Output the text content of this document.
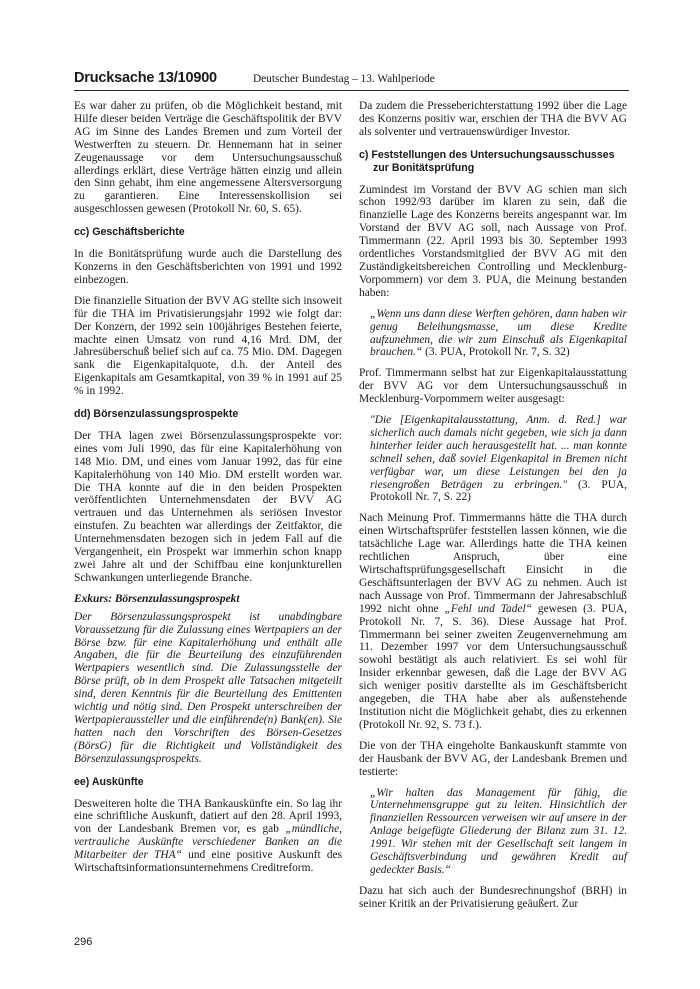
Drucksache 13/10900	Deutscher Bundestag – 13. Wahlperiode

Es war daher zu prüfen, ob die Möglichkeit bestand, mit Hilfe dieser beiden Verträge die Geschäftspolitik der BVV AG im Sinne des Landes Bremen und zum Vorteil der Westwerften zu steuern. Dr. Hennemann hat in seiner Zeugenaussage vor dem Untersuchungsausschuß allerdings erklärt, diese Verträge hätten einzig und allein den Sinn gehabt, ihm eine angemessene Altersversorgung zu garantieren. Eine Interessenskollision sei ausgeschlossen gewesen (Protokoll Nr. 60, S. 65).

cc) Geschäftsberichte

In die Bonitätsprüfung wurde auch die Darstellung des Konzerns in den Geschäftsberichten von 1991 und 1992 einbezogen.

Die finanzielle Situation der BVV AG stellte sich insoweit für die THA im Privatisierungsjahr 1992 wie folgt dar: Der Konzern, der 1992 sein 100jähriges Bestehen feierte, machte einen Umsatz von rund 4,16 Mrd. DM, der Jahresüberschuß belief sich auf ca. 75 Mio. DM. Dagegen sank die Eigenkapitalquote, d.h. der Anteil des Eigenkapitals am Gesamtkapital, von 39 % in 1991 auf 25 % in 1992.

dd) Börsenzulassungsprospekte

Der THA lagen zwei Börsenzulassungsprospekte vor: eines vom Juli 1990, das für eine Kapitalerhöhung von 148 Mio. DM, und eines vom Januar 1992, das für eine Kapitalerhöhung von 140 Mio. DM erstellt worden war. Die THA konnte auf die in den beiden Prospekten veröffentlichten Unternehmensdaten der BVV AG vertrauen und das Unternehmen als seriösen Investor einstufen. Zu beachten war allerdings der Zeitfaktor, die Unternehmensdaten bezogen sich in jedem Fall auf die Vergangenheit, ein Prospekt war immerhin schon knapp zwei Jahre alt und der Schiffbau eine konjunkturellen Schwankungen unterliegende Branche.

Exkurs: Börsenzulassungsprospekt

Der Börsenzulassungsprospekt ist unabdingbare Voraussetzung für die Zulassung eines Wertpapiers an der Börse bzw. für eine Kapitalerhöhung und enthält alle Angaben, die für die Beurteilung des einzuführenden Wertpapiers wesentlich sind. Die Zulassungsstelle der Börse prüft, ob in dem Prospekt alle Tatsachen mitgeteilt sind, deren Kenntnis für die Beurteilung des Emittenten wichtig und nötig sind. Den Prospekt unterschreiben der Wertpapieraussteller und die einführende(n) Bank(en). Sie hatten nach den Vorschriften des Börsen-Gesetzes (BörsG) für die Richtigkeit und Vollständigkeit des Börsenzulassungsprospekts.

ee) Auskünfte

Desweiteren holte die THA Bankauskünfte ein. So lag ihr eine schriftliche Auskunft, datiert auf den 28. April 1993, von der Landesbank Bremen vor, es gab „mündliche, vertrauliche Auskünfte verschiedener Banken an die Mitarbeiter der THA“ und eine positive Auskunft des Wirtschaftsinformationsunternehmens Creditreform.

Da zudem die Presseberichterstattung 1992 über die Lage des Konzerns positiv war, erschien der THA die BVV AG als solventer und vertrauenswürdiger Investor.

c) Feststellungen des Untersuchungsausschusses zur Bonitätsprüfung

Zumindest im Vorstand der BVV AG schien man sich schon 1992/93 darüber im klaren zu sein, daß die finanzielle Lage des Konzerns bereits angespannt war. Im Vorstand der BVV AG soll, nach Aussage von Prof. Timmermann (22. April 1993 bis 30. September 1993 ordentliches Vorstandsmitglied der BVV AG mit den Zuständigkeitsbereichen Controlling und Mecklenburg-Vorpommern) vor dem 3. PUA, die Meinung bestanden haben:

„Wenn uns dann diese Werften gehören, dann haben wir genug Beleihungsmasse, um diese Kredite aufzunehmen, die wir zum Einschuß als Eigenkapital brauchen.“ (3. PUA, Protokoll Nr. 7, S. 32)

Prof. Timmermann selbst hat zur Eigenkapitalausstattung der BVV AG vor dem Untersuchungsausschuß in Mecklenburg-Vorpommern weiter ausgesagt:

"Die [Eigenkapitalausstattung, Anm. d. Red.] war sicherlich auch damals nicht gegeben, wie sich ja dann hinterher leider auch herausgestellt hat. ... man konnte schnell sehen, daß soviel Eigenkapital in Bremen nicht verfügbar war, um diese Leistungen bei den ja riesengroßen Beträgen zu erbringen." (3. PUA, Protokoll Nr. 7, S. 22)

Nach Meinung Prof. Timmermanns hätte die THA durch einen Wirtschaftsprüfer feststellen lassen können, wie die tatsächliche Lage war. Allerdings hatte die THA keinen rechtlichen Anspruch, über eine Wirtschaftsprüfungsgesellschaft Einsicht in die Geschäftsunterlagen der BVV AG zu nehmen. Auch ist nach Aussage von Prof. Timmermann der Jahresabschluß 1992 nicht ohne „Fehl und Tadel“ gewesen (3. PUA, Protokoll Nr. 7, S. 36). Diese Aussage hat Prof. Timmermann bei seiner zweiten Zeugenvernehmung am 11. Dezember 1997 vor dem Untersuchungsausschuß sowohl bestätigt als auch relativiert. Es sei wohl für Insider erkennbar gewesen, daß die Lage der BVV AG sich weniger positiv darstellte als im Geschäftsbericht angegeben, die THA habe aber als außenstehende Institution nicht die Möglichkeit gehabt, dies zu erkennen (Protokoll Nr. 92, S. 73 f.).

Die von der THA eingeholte Bankauskunft stammte von der Hausbank der BVV AG, der Landesbank Bremen und testierte:

„Wir halten das Management für fähig, die Unternehmensgruppe gut zu leiten. Hinsichtlich der finanziellen Ressourcen verweisen wir auf unsere in der Anlage beigefügte Gliederung der Bilanz zum 31. 12. 1991. Wir stehen mit der Gesellschaft seit langem in Geschäftsverbindung und gewähren Kredit auf gedeckter Basis.“

Dazu hat sich auch der Bundesrechnungshof (BRH) in seiner Kritik an der Privatisierung geäußert. Zur

296
